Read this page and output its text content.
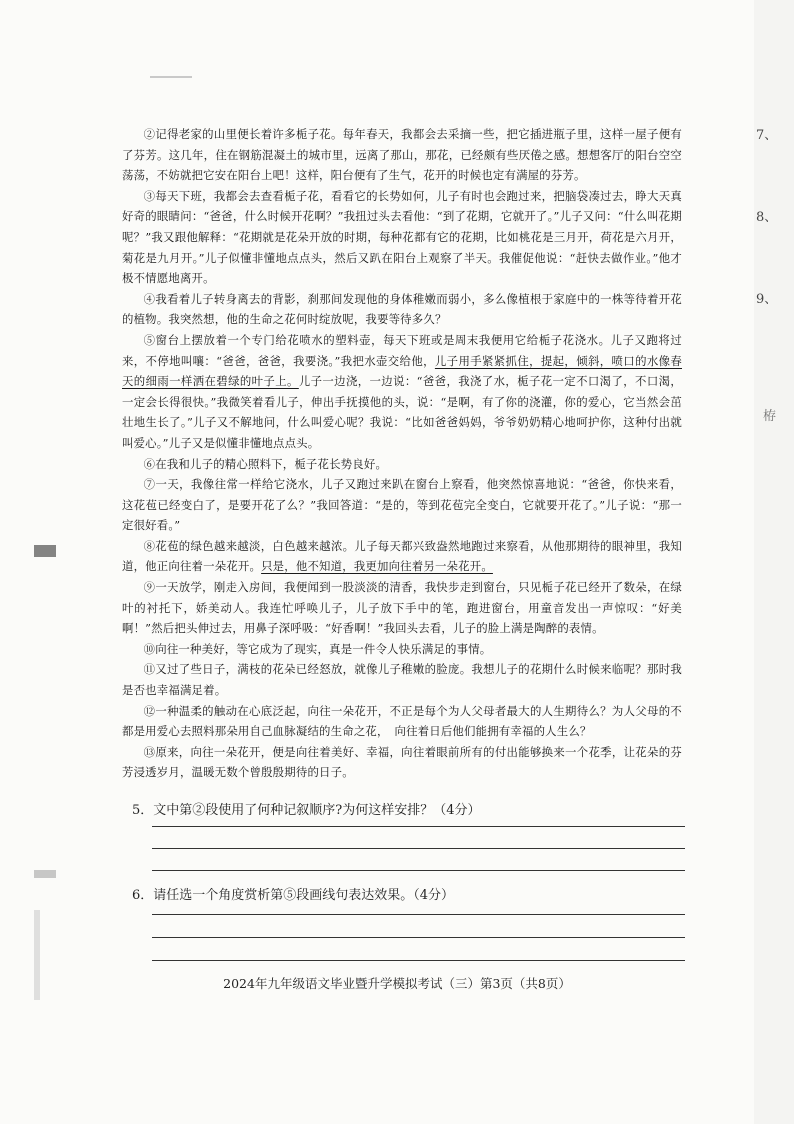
7、
8、
9、
栫

②记得老家的山里便长着许多栀子花。每年春天，我都会去采摘一些，把它插进瓶子里，这样一屋子便有了芬芳。这几年，住在钢筋混凝土的城市里，远离了那山，那花，已经颇有些厌倦之感。想想客厅的阳台空空荡荡，不妨就把它安在阳台上吧！这样，阳台便有了生气，花开的时候也定有满屋的芬芳。

③每天下班，我都会去查看栀子花，看看它的长势如何，儿子有时也会跑过来，把脑袋凑过去，睁大天真好奇的眼睛问：“爸爸，什么时候开花啊？”我扭过头去看他：“到了花期，它就开了。”儿子又问：“什么叫花期呢？”我又跟他解释：“花期就是花朵开放的时期，每种花都有它的花期，比如桃花是三月开，荷花是六月开，菊花是九月开。”儿子似懂非懂地点点头，然后又趴在阳台上观察了半天。我催促他说：“赶快去做作业。”他才极不情愿地离开。

④我看着儿子转身离去的背影，刹那间发现他的身体稚嫩而弱小，多么像植根于家庭中的一株等待着开花的植物。我突然想，他的生命之花何时绽放呢，我要等待多久？

⑤窗台上摆放着一个专门给花喷水的塑料壶，每天下班或是周末我便用它给栀子花浇水。儿子又跑将过来，不停地叫嚷：“爸爸，爸爸，我要浇。”我把水壶交给他，儿子用手紧紧抓住，提起，倾斜，喷口的水像春天的细雨一样洒在碧绿的叶子上。儿子一边浇，一边说：“爸爸，我浇了水，栀子花一定不口渴了，不口渴，一定会长得很快。”我微笑着看儿子，伸出手抚摸他的头，说：“是啊，有了你的浇灌，你的爱心，它当然会茁壮地生长了。”儿子又不解地问，什么叫爱心呢？我说：“比如爸爸妈妈，爷爷奶奶精心地呵护你，这种付出就叫爱心。”儿子又是似懂非懂地点点头。

⑥在我和儿子的精心照料下，栀子花长势良好。

⑦一天，我像往常一样给它浇水，儿子又跑过来趴在窗台上察看，他突然惊喜地说：“爸爸，你快来看，这花苞已经变白了，是要开花了么？”我回答道：“是的，等到花苞完全变白，它就要开花了。”儿子说：“那一定很好看。”

⑧花苞的绿色越来越淡，白色越来越浓。儿子每天都兴致盎然地跑过来察看，从他那期待的眼神里，我知道，他正向往着一朵花开。只是，他不知道，我更加向往着另一朵花开。

⑨一天放学，刚走入房间，我便闻到一股淡淡的清香，我快步走到窗台，只见栀子花已经开了数朵，在绿叶的衬托下，娇美动人。我连忙呼唤儿子，儿子放下手中的笔，跑进窗台，用童音发出一声惊叹：“好美啊！”然后把头伸过去，用鼻子深呼吸：“好香啊！”我回头去看，儿子的脸上满是陶醉的表情。

⑩向往一种美好，等它成为了现实，真是一件令人快乐满足的事情。

⑪又过了些日子，满枝的花朵已经怒放，就像儿子稚嫩的脸庞。我想儿子的花期什么时候来临呢？那时我是否也幸福满足着。

⑫一种温柔的触动在心底泛起，向往一朵花开，不正是每个为人父母者最大的人生期待么？为人父母的不都是用爱心去照料那朵用自己血脉凝结的生命之花，　向往着日后他们能拥有幸福的人生么？

⑬原来，向往一朵花开，便是向往着美好、幸福，向往着眼前所有的付出能够换来一个花季，让花朵的芬芳浸透岁月，温暖无数个曾殷殷期待的日子。

5．文中第②段使用了何种记叙顺序?为何这样安排？（4分）
6．请任选一个角度赏析第⑤段画线句表达效果。（4分）
2024年九年级语文毕业暨升学模拟考试（三）第3页（共8页）
